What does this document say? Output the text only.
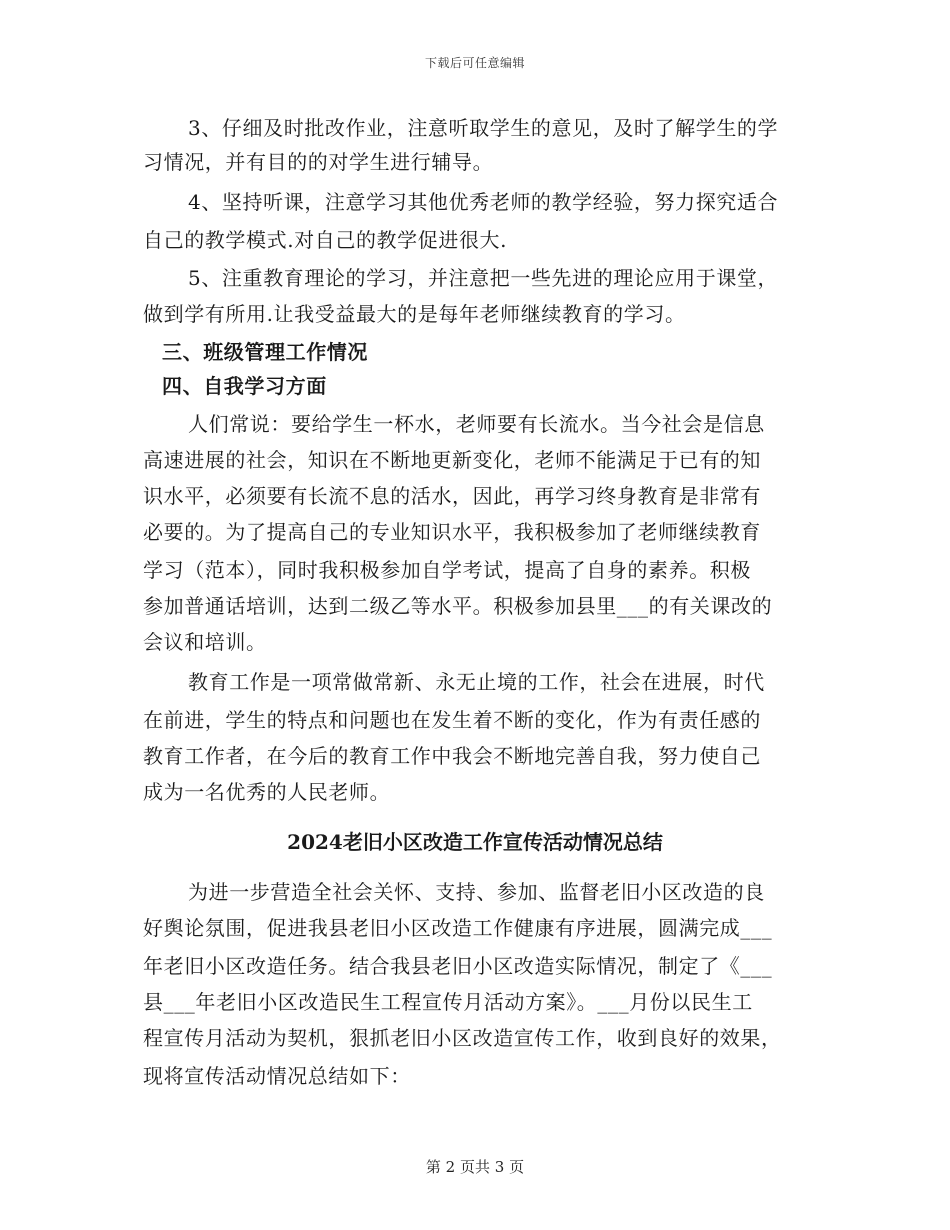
下载后可任意编辑
3、仔细及时批改作业，注意听取学生的意见，及时了解学生的学
习情况，并有目的的对学生进行辅导。
4、坚持听课，注意学习其他优秀老师的教学经验，努力探究适合
自己的教学模式.对自己的教学促进很大.
5、注重教育理论的学习，并注意把一些先进的理论应用于课堂，
做到学有所用.让我受益最大的是每年老师继续教育的学习。
三、班级管理工作情况
四、自我学习方面
人们常说：要给学生一杯水，老师要有长流水。当今社会是信息
高速进展的社会，知识在不断地更新变化，老师不能满足于已有的知
识水平，必须要有长流不息的活水，因此，再学习终身教育是非常有
必要的。为了提高自己的专业知识水平，我积极参加了老师继续教育
学习（范本），同时我积极参加自学考试，提高了自身的素养。积极
参加普通话培训，达到二级乙等水平。积极参加县里___的有关课改的
会议和培训。
教育工作是一项常做常新、永无止境的工作，社会在进展，时代
在前进，学生的特点和问题也在发生着不断的变化，作为有责任感的
教育工作者，在今后的教育工作中我会不断地完善自我，努力使自己
成为一名优秀的人民老师。
2024老旧小区改造工作宣传活动情况总结
为进一步营造全社会关怀、支持、参加、监督老旧小区改造的良
好舆论氛围，促进我县老旧小区改造工作健康有序进展，圆满完成___
年老旧小区改造任务。结合我县老旧小区改造实际情况，制定了《___
县___年老旧小区改造民生工程宣传月活动方案》。___月份以民生工
程宣传月活动为契机，狠抓老旧小区改造宣传工作，收到良好的效果，
现将宣传活动情况总结如下：
第 2 页共 3 页
